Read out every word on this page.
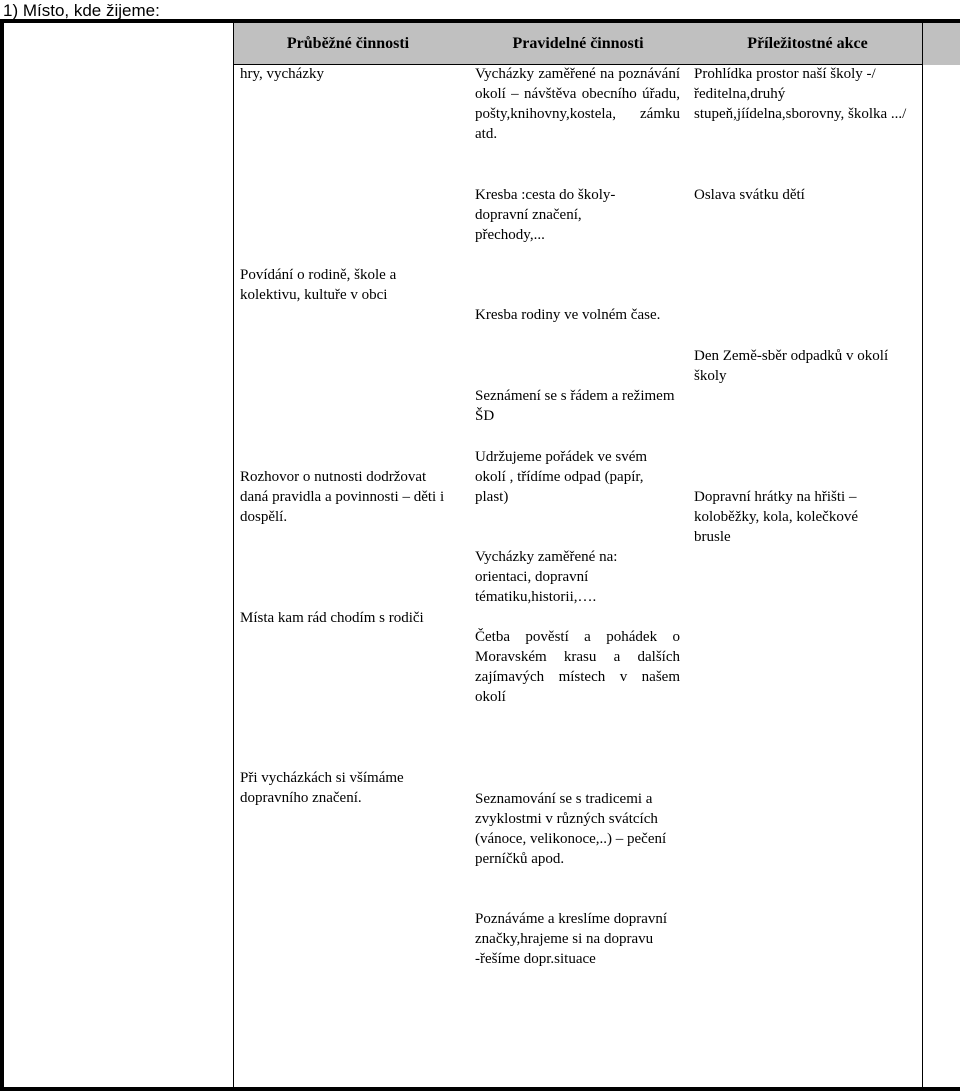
1) Místo, kde žijeme:
Průběžné činnosti	Pravidelné činnosti	Příležitostné akce
hry, vycházky
Povídání o rodině, škole a kolektivu, kultuře v obci
Rozhovor o nutnosti dodržovat daná pravidla a povinnosti – děti i dospělí.
Místa kam rád chodím s rodiči
Při vycházkách si všímáme dopravního značení.
Vycházky zaměřené na poznávání okolí – návštěva obecního úřadu, pošty,knihovny,kostela, zámku atd.
Kresba :cesta do školy- dopravní značení, přechody,...
Kresba rodiny ve volném čase.
Seznámení se s řádem a režimem ŠD
Udržujeme pořádek ve svém okolí , třídíme odpad (papír, plast)
Vycházky zaměřené na: orientaci, dopravní tématiku,historii,….
Četba pověstí a pohádek o Moravském krasu a dalších zajímavých místech v našem okolí
Seznamování se s tradicemi a zvyklostmi v různých svátcích (vánoce, velikonoce,..) – pečení perníčků apod.
Poznáváme a kreslíme dopravní značky,hrajeme si na dopravu -řešíme dopr.situace
Prohlídka prostor naší školy -/ ředitelna,druhý stupeň,jíídelna,sborovny, školka .../
Oslava svátku dětí
Den Země-sběr odpadků v okolí školy
Dopravní hrátky na hřišti – koloběžky, kola, kolečkové brusle
